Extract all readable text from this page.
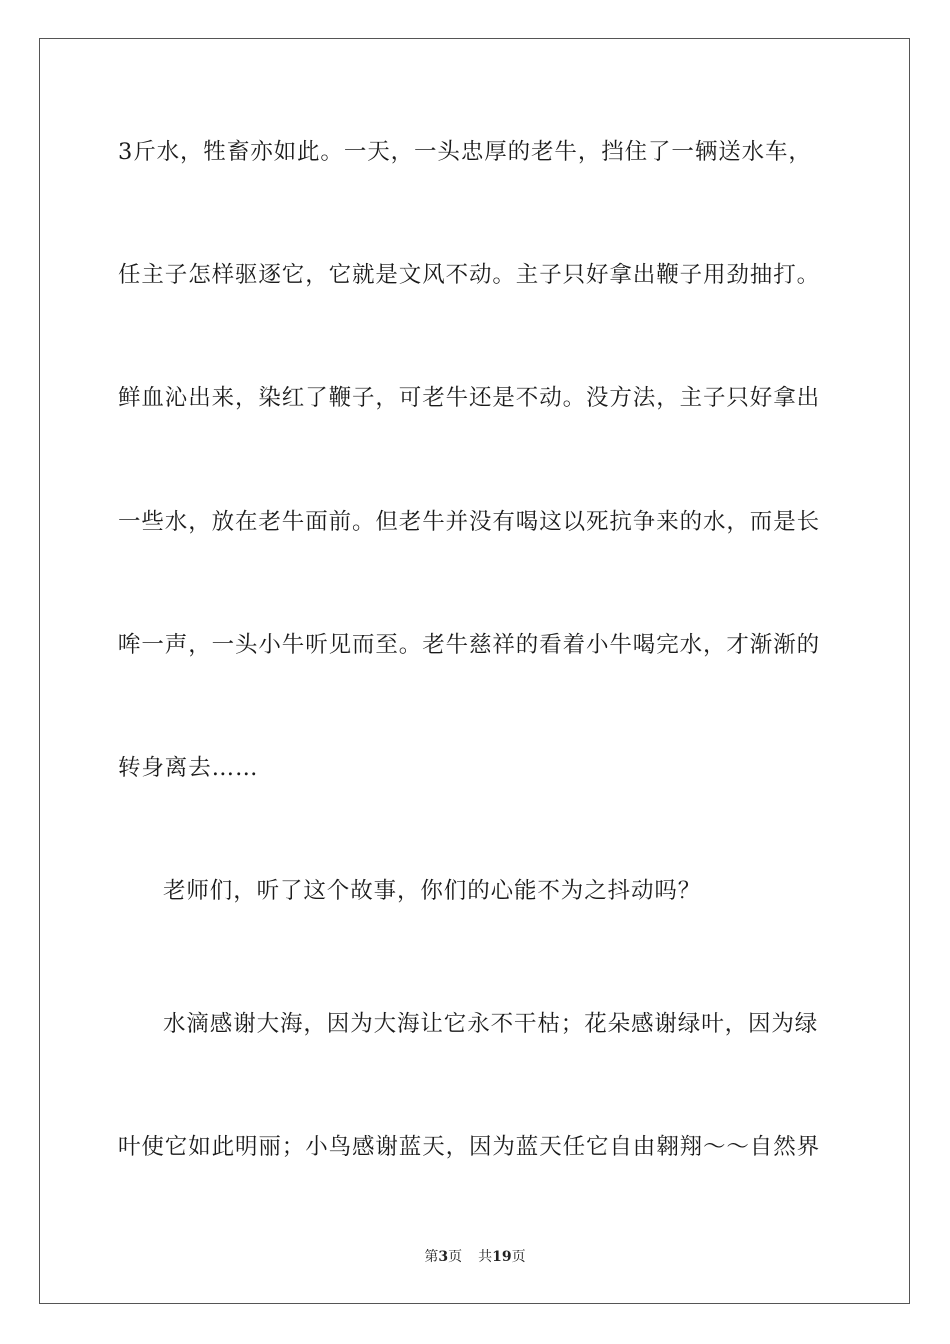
3斤水，牲畜亦如此。一天，一头忠厚的老牛，挡住了一辆送水车，

任主子怎样驱逐它，它就是文风不动。主子只好拿出鞭子用劲抽打。

鲜血沁出来，染红了鞭子，可老牛还是不动。没方法，主子只好拿出

一些水，放在老牛面前。但老牛并没有喝这以死抗争来的水，而是长

哞一声，一头小牛听见而至。老牛慈祥的看着小牛喝完水，才渐渐的

转身离去……

老师们，听了这个故事，你们的心能不为之抖动吗？

水滴感谢大海，因为大海让它永不干枯；花朵感谢绿叶，因为绿

叶使它如此明丽；小鸟感谢蓝天，因为蓝天任它自由翱翔～～自然界

第3页 共19页
